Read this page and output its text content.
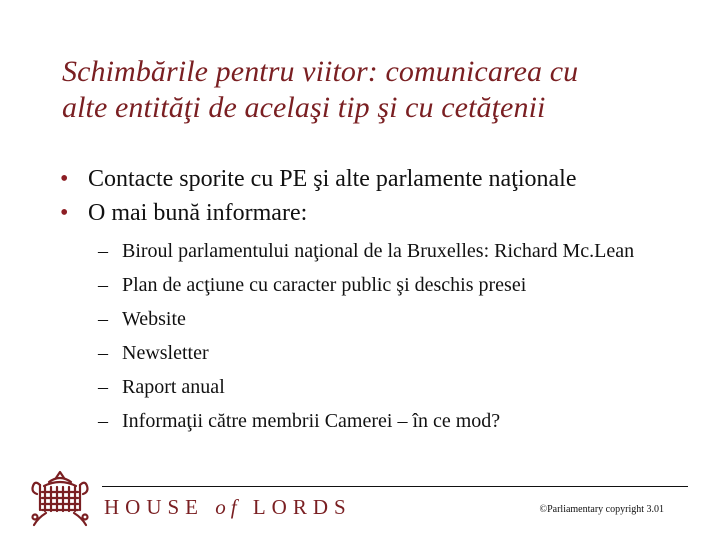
Schimbările pentru viitor: comunicarea cu
alte entităţi de acelaşi tip şi cu cetăţenii
• Contacte sporite cu PE şi alte parlamente naţionale
• O mai bună informare:
– Biroul parlamentului naţional de la Bruxelles: Richard Mc.Lean
– Plan de acţiune cu caracter public şi deschis presei
– Website
– Newsletter
– Raport anual
– Informaţii către membrii Camerei – în ce mod?
HOUSE of LORDS	©Parliamentary copyright 3.01
